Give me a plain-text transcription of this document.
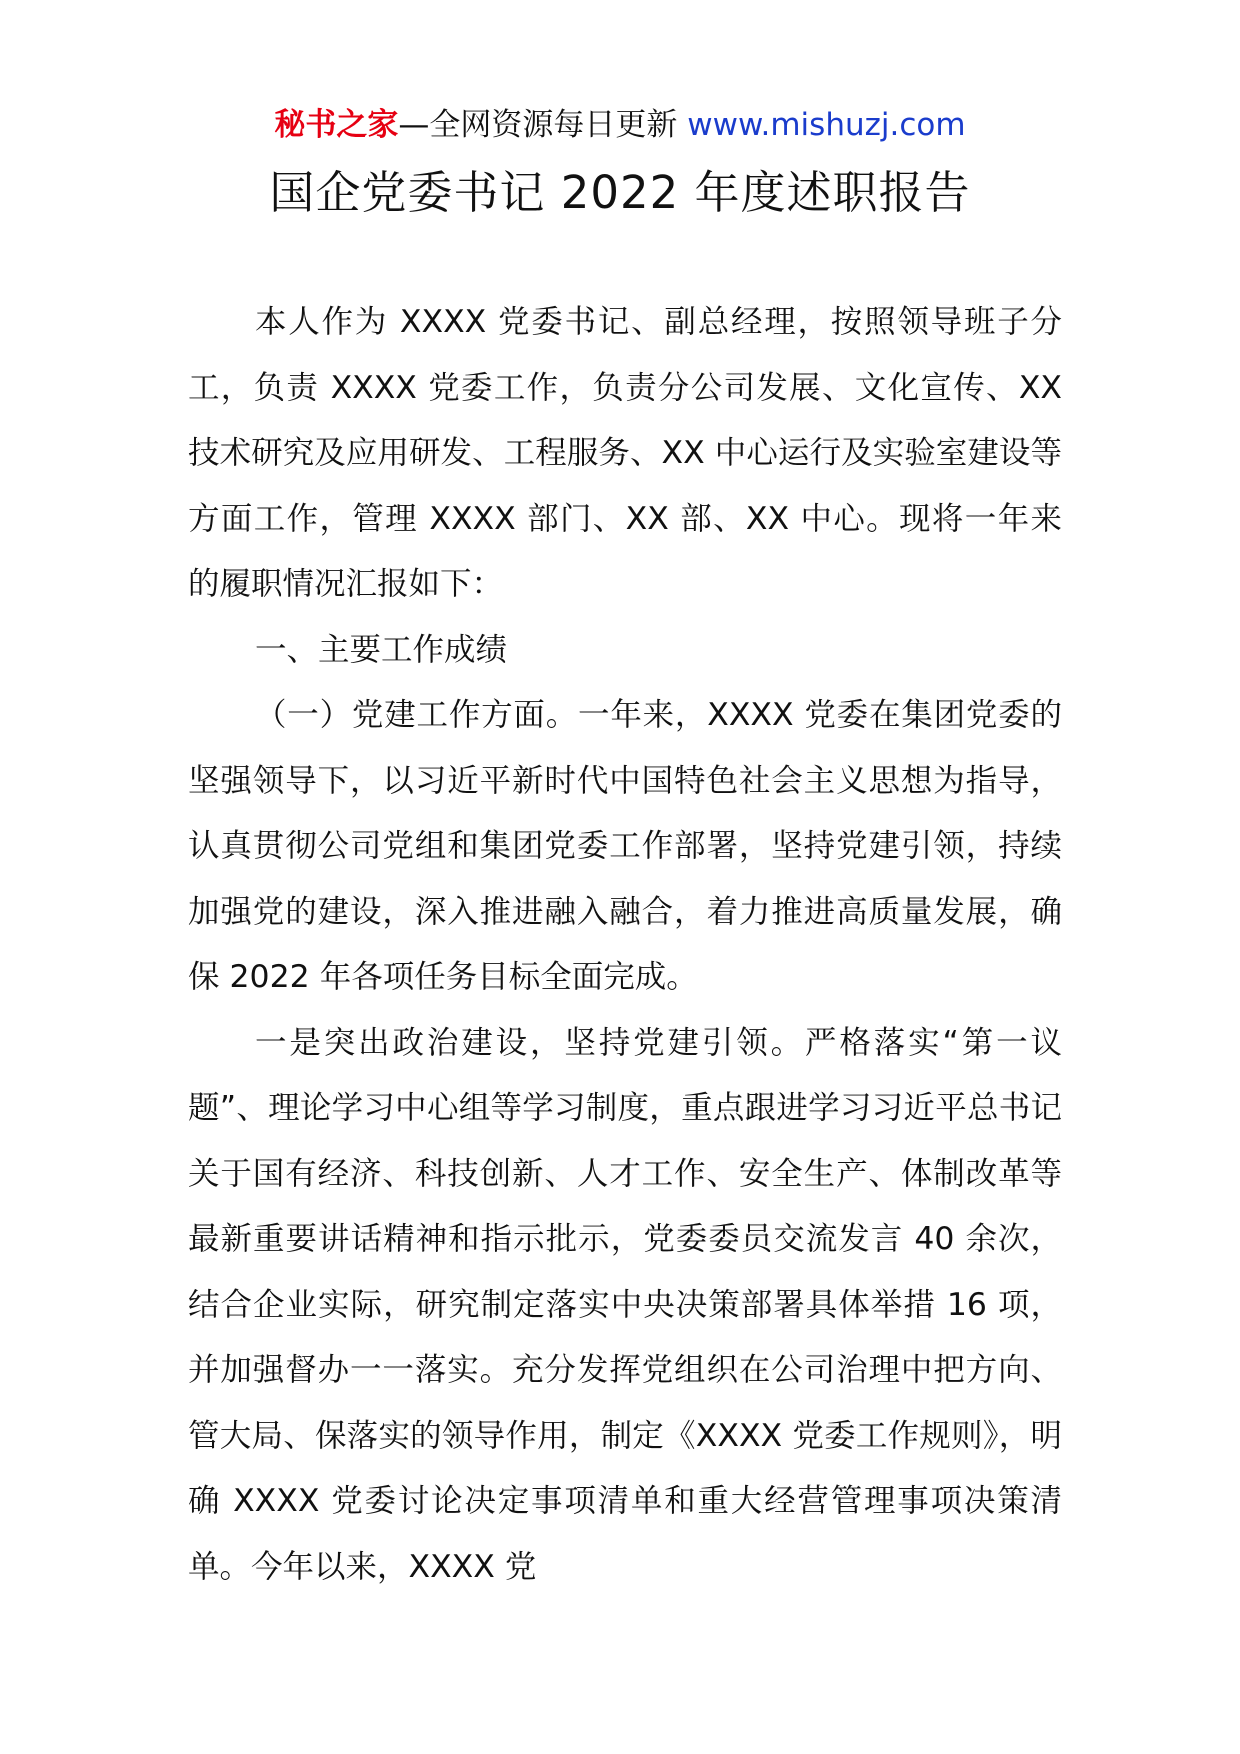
秘书之家—全网资源每日更新 www.mishuzj.com
国企党委书记 2022 年度述职报告

本人作为 XXXX 党委书记、副总经理，按照领导班子分工，负责 XXXX 党委工作，负责分公司发展、文化宣传、XX 技术研究及应用研发、工程服务、XX 中心运行及实验室建设等方面工作，管理 XXXX 部门、XX 部、XX 中心。现将一年来的履职情况汇报如下：

一、主要工作成绩

（一）党建工作方面。一年来，XXXX 党委在集团党委的坚强领导下，以习近平新时代中国特色社会主义思想为指导，认真贯彻公司党组和集团党委工作部署，坚持党建引领，持续加强党的建设，深入推进融入融合，着力推进高质量发展，确保 2022 年各项任务目标全面完成。

一是突出政治建设，坚持党建引领。严格落实“第一议题”、理论学习中心组等学习制度，重点跟进学习习近平总书记关于国有经济、科技创新、人才工作、安全生产、体制改革等最新重要讲话精神和指示批示，党委委员交流发言 40 余次，结合企业实际，研究制定落实中央决策部署具体举措 16 项，并加强督办一一落实。充分发挥党组织在公司治理中把方向、管大局、保落实的领导作用，制定《XXXX 党委工作规则》，明确 XXXX 党委讨论决定事项清单和重大经营管理事项决策清单。今年以来，XXXX 党
